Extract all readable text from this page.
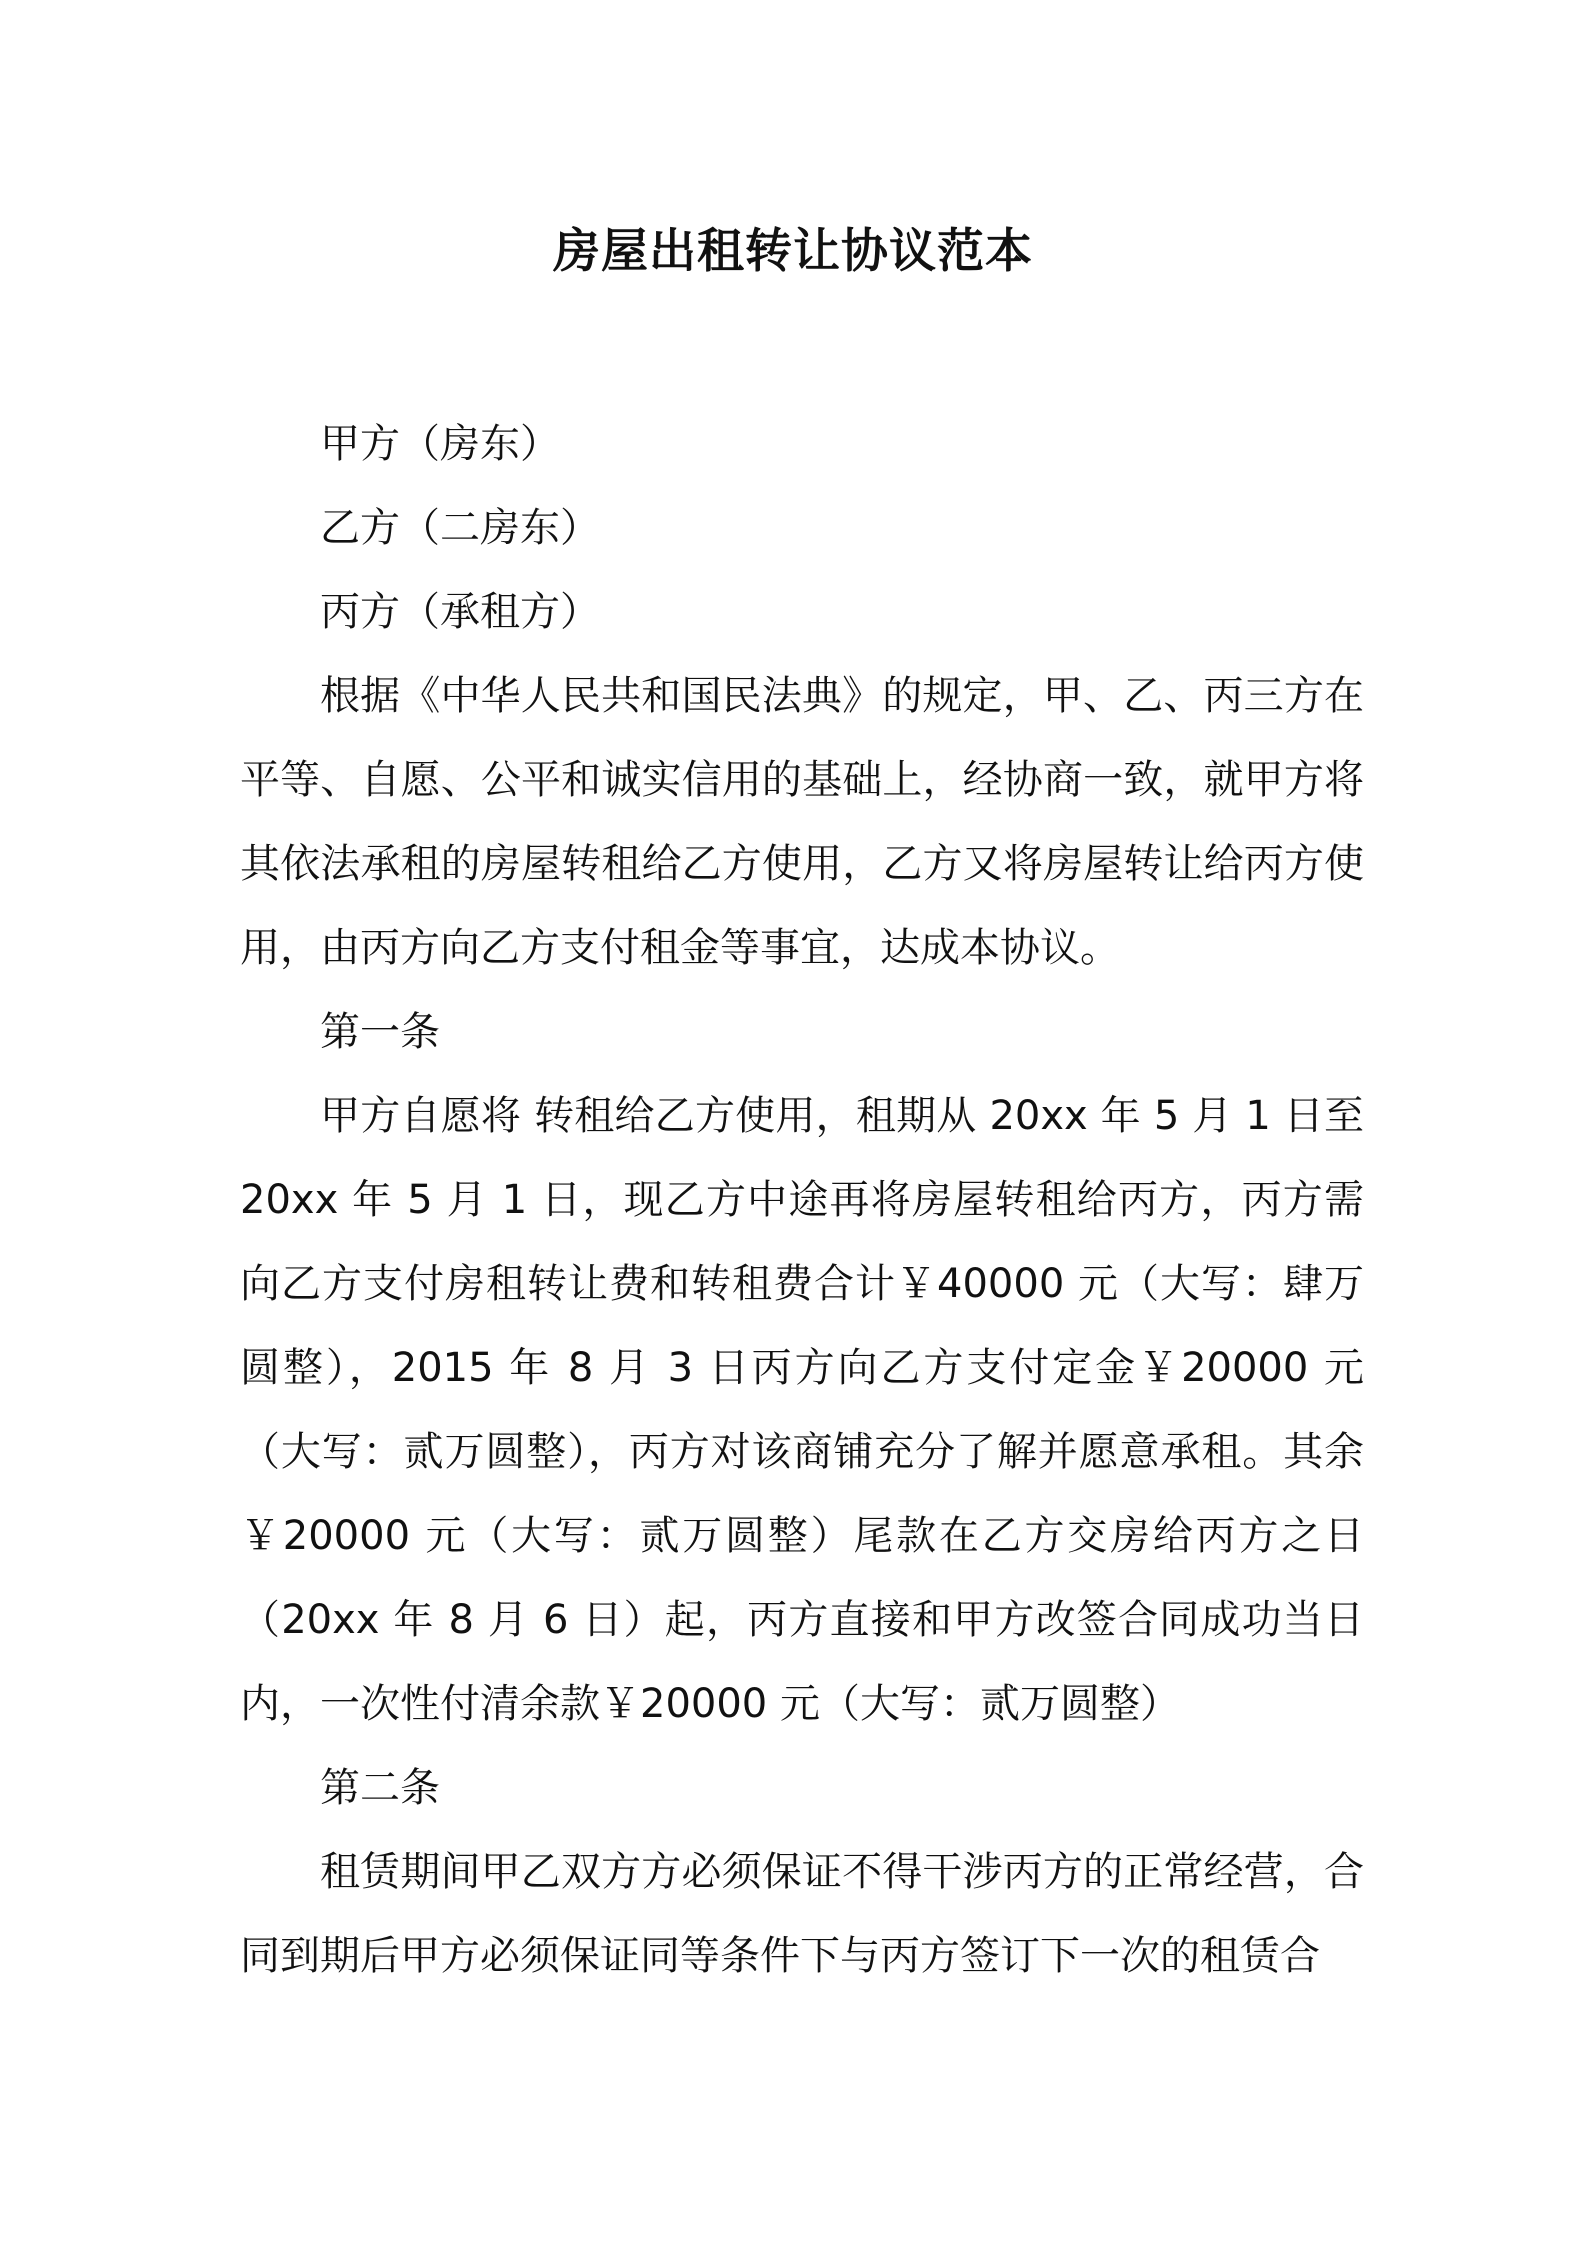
房屋出租转让协议范本

甲方（房东）

乙方（二房东）

丙方（承租方）

根据《中华人民共和国民法典》的规定，甲、乙、丙三方在平等、自愿、公平和诚实信用的基础上，经协商一致，就甲方将其依法承租的房屋转租给乙方使用，乙方又将房屋转让给丙方使用，由丙方向乙方支付租金等事宜，达成本协议。

第一条

甲方自愿将 转租给乙方使用，租期从 20xx 年 5 月 1 日至 20xx 年 5 月 1 日，现乙方中途再将房屋转租给丙方，丙方需向乙方支付房租转让费和转租费合计￥40000 元（大写：肆万圆整），2015 年 8 月 3 日丙方向乙方支付定金￥20000 元（大写：贰万圆整），丙方对该商铺充分了解并愿意承租。其余￥20000 元（大写：贰万圆整）尾款在乙方交房给丙方之日（20xx 年 8 月 6 日）起，丙方直接和甲方改签合同成功当日内，一次性付清余款￥20000 元（大写：贰万圆整）

第二条

租赁期间甲乙双方方必须保证不得干涉丙方的正常经营，合同到期后甲方必须保证同等条件下与丙方签订下一次的租赁合
